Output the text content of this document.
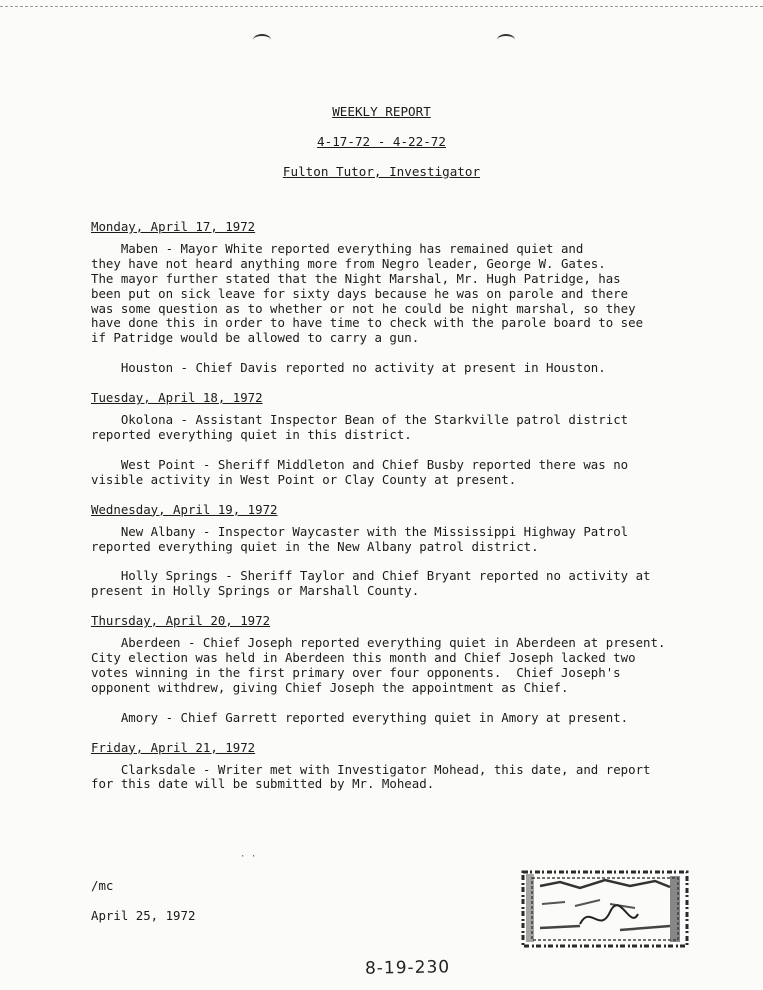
WEEKLY REPORT
4-17-72 - 4-22-72
Fulton Tutor, Investigator
Monday, April 17, 1972
Maben - Mayor White reported everything has remained quiet and
they have not heard anything more from Negro leader, George W. Gates.
The mayor further stated that the Night Marshal, Mr. Hugh Patridge, has
been put on sick leave for sixty days because he was on parole and there
was some question as to whether or not he could be night marshal, so they
have done this in order to have time to check with the parole board to see
if Patridge would be allowed to carry a gun.
Houston - Chief Davis reported no activity at present in Houston.
Tuesday, April 18, 1972
Okolona - Assistant Inspector Bean of the Starkville patrol district
reported everything quiet in this district.
West Point - Sheriff Middleton and Chief Busby reported there was no
visible activity in West Point or Clay County at present.
Wednesday, April 19, 1972
New Albany - Inspector Waycaster with the Mississippi Highway Patrol
reported everything quiet in the New Albany patrol district.
Holly Springs - Sheriff Taylor and Chief Bryant reported no activity at
present in Holly Springs or Marshall County.
Thursday, April 20, 1972
Aberdeen - Chief Joseph reported everything quiet in Aberdeen at present.
City election was held in Aberdeen this month and Chief Joseph lacked two
votes winning in the first primary over four opponents.  Chief Joseph's
opponent withdrew, giving Chief Joseph the appointment as Chief.
Amory - Chief Garrett reported everything quiet in Amory at present.
Friday, April 21, 1972
Clarksdale - Writer met with Investigator Mohead, this date, and report
for this date will be submitted by Mr. Mohead.
· ·
/mc
April 25, 1972
8-19-230
